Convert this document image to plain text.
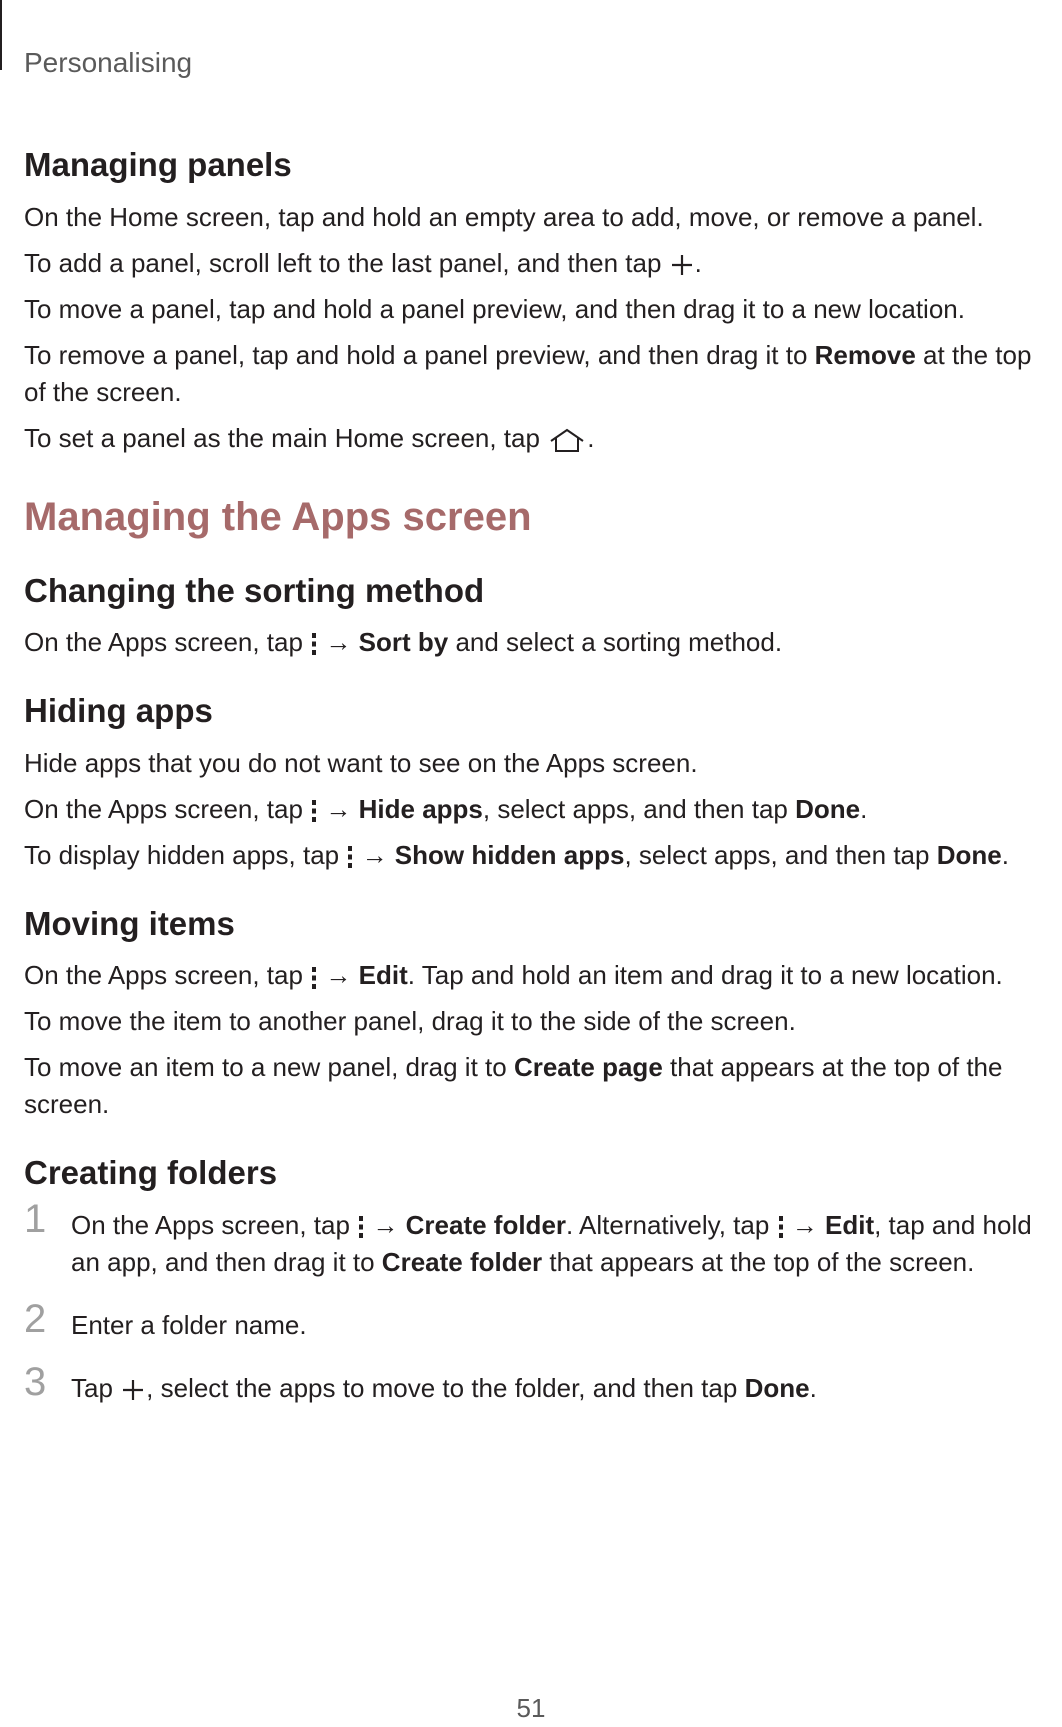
Personalising

Managing panels

On the Home screen, tap and hold an empty area to add, move, or remove a panel.

To add a panel, scroll left to the last panel, and then tap
.

To move a panel, tap and hold a panel preview, and then drag it to a new location.

To remove a panel, tap and hold a panel preview, and then drag it to Remove at the top of the screen.

To set a panel as the main Home screen, tap
.

Managing the Apps screen
Changing the sorting method

On the Apps screen, tap
→ Sort by and select a sorting method.

Hiding apps

Hide apps that you do not want to see on the Apps screen.

On the Apps screen, tap
→ Hide apps, select apps, and then tap Done.

To display hidden apps, tap
→ Show hidden apps, select apps, and then tap Done.

Moving items

On the Apps screen, tap
→ Edit. Tap and hold an item and drag it to a new location.

To move the item to another panel, drag it to the side of the screen.

To move an item to a new panel, drag it to Create page that appears at the top of the screen.

Creating folders
1 On the Apps screen, tap
→ Create folder. Alternatively, tap
→ Edit, tap and hold an app, and then drag it to Create folder that appears at the top of the screen.

2 Enter a folder name.

3 Tap
, select the apps to move to the folder, and then tap Done.

51
